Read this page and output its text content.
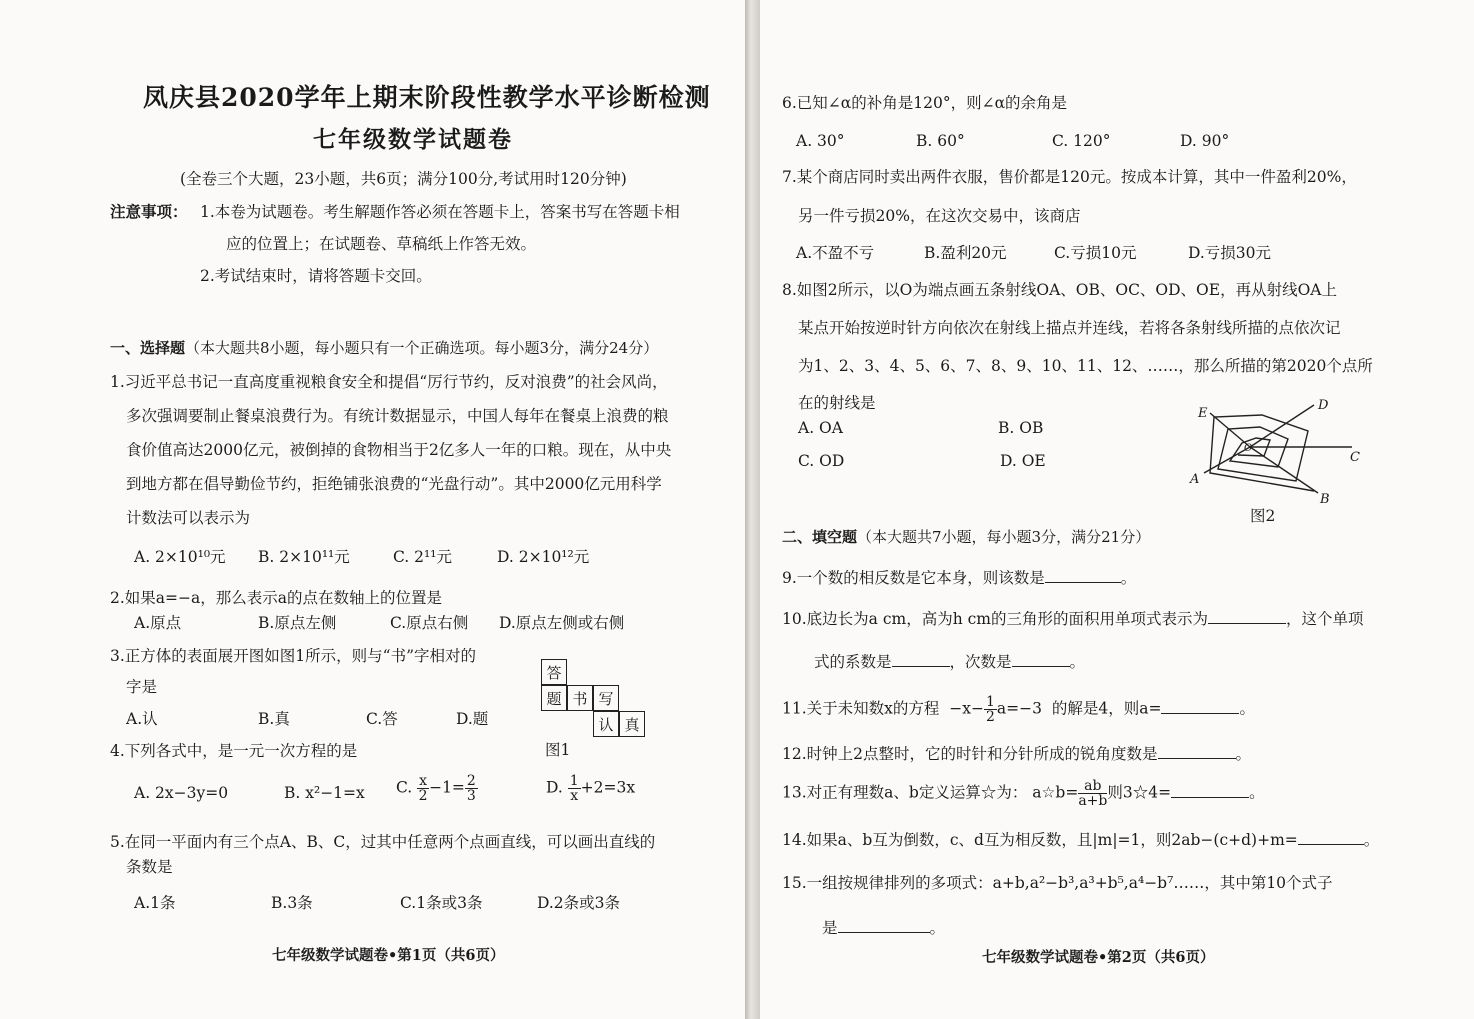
凤庆县2020学年上期末阶段性教学水平诊断检测
七年级数学试题卷
(全卷三个大题，23小题，共6页；满分100分,考试用时120分钟)
注意事项： 1.本卷为试题卷。考生解题作答必须在答题卡上，答案书写在答题卡相
应的位置上；在试题卷、草稿纸上作答无效。
2.考试结束时，请将答题卡交回。
一、选择题（本大题共8小题，每小题只有一个正确选项。每小题3分，满分24分）
1.习近平总书记一直高度重视粮食安全和提倡“厉行节约，反对浪费”的社会风尚，
多次强调要制止餐桌浪费行为。有统计数据显示，中国人每年在餐桌上浪费的粮
食价值高达2000亿元，被倒掉的食物相当于2亿多人一年的口粮。现在，从中央
到地方都在倡导勤俭节约，拒绝铺张浪费的“光盘行动”。其中2000亿元用科学
计数法可以表示为
A. 2×10¹⁰元 B. 2×10¹¹元	C. 2¹¹元	D. 2×10¹²元
2.如果a=−a，那么表示a的点在数轴上的位置是
A.原点	B.原点左侧	C.原点右侧 D.原点左侧或右侧
3.正方体的表面展开图如图1所示，则与“书”字相对的
字是
A.认	B.真	C.答	D.题
答
题 书 写
认 真
图1
4.下列各式中，是一元一次方程的是
A. 2x−3y=0	B. x²−1=x C. $\frac{x}{2} -1= \frac{2}{3}$	D. $\frac{1}{x} +2=3x$
5.在同一平面内有三个点A、B、C，过其中任意两个点画直线，可以画出直线的
条数是
A.1条	B.3条	C.1条或3条	D.2条或3条
七年级数学试题卷•第1页（共6页）
6.已知∠α的补角是120°，则∠α的余角是
A. 30°	B. 60°	C. 120°	D. 90°
7.某个商店同时卖出两件衣服，售价都是120元。按成本计算，其中一件盈利20%，
另一件亏损20%，在这次交易中，该商店
A.不盈不亏	B.盈利20元	C.亏损10元	D.亏损30元
8.如图2所示，以O为端点画五条射线OA、OB、OC、OD、OE，再从射线OA上
某点开始按逆时针方向依次在射线上描点并连线，若将各条射线所描的点依次记
为1、2、3、4、5、6、7、8、9、10、11、12、……，那么所描的第2020个点所
在的射线是
A. OA	B. OB
C. OD	D. OE
E
D
O
C
A
B
图2
二、填空题（本大题共7小题，每小题3分，满分21分）
9.一个数的相反数是它本身，则该数是	。
10.底边长为a cm，高为h cm的三角形的面积用单项式表示为	，这个单项
式的系数是	，次数是	。
11.关于未知数x的方程 $-x- \frac{1}{2} a=-3$ 的解是4，则a=	。
12.时钟上2点整时，它的时针和分针所成的锐角度数是	。
13.对正有理数a、b定义运算☆为： a☆b= $\frac{ab}{a+b}$ 则3☆4=	。
14.如果a、b互为倒数，c、d互为相反数，且|m|=1，则2ab−(c+d)+m=	。
15.一组按规律排列的多项式：a+b,a²−b³,a³+b⁵,a⁴−b⁷……，其中第10个式子
是	。
七年级数学试题卷•第2页（共6页）
